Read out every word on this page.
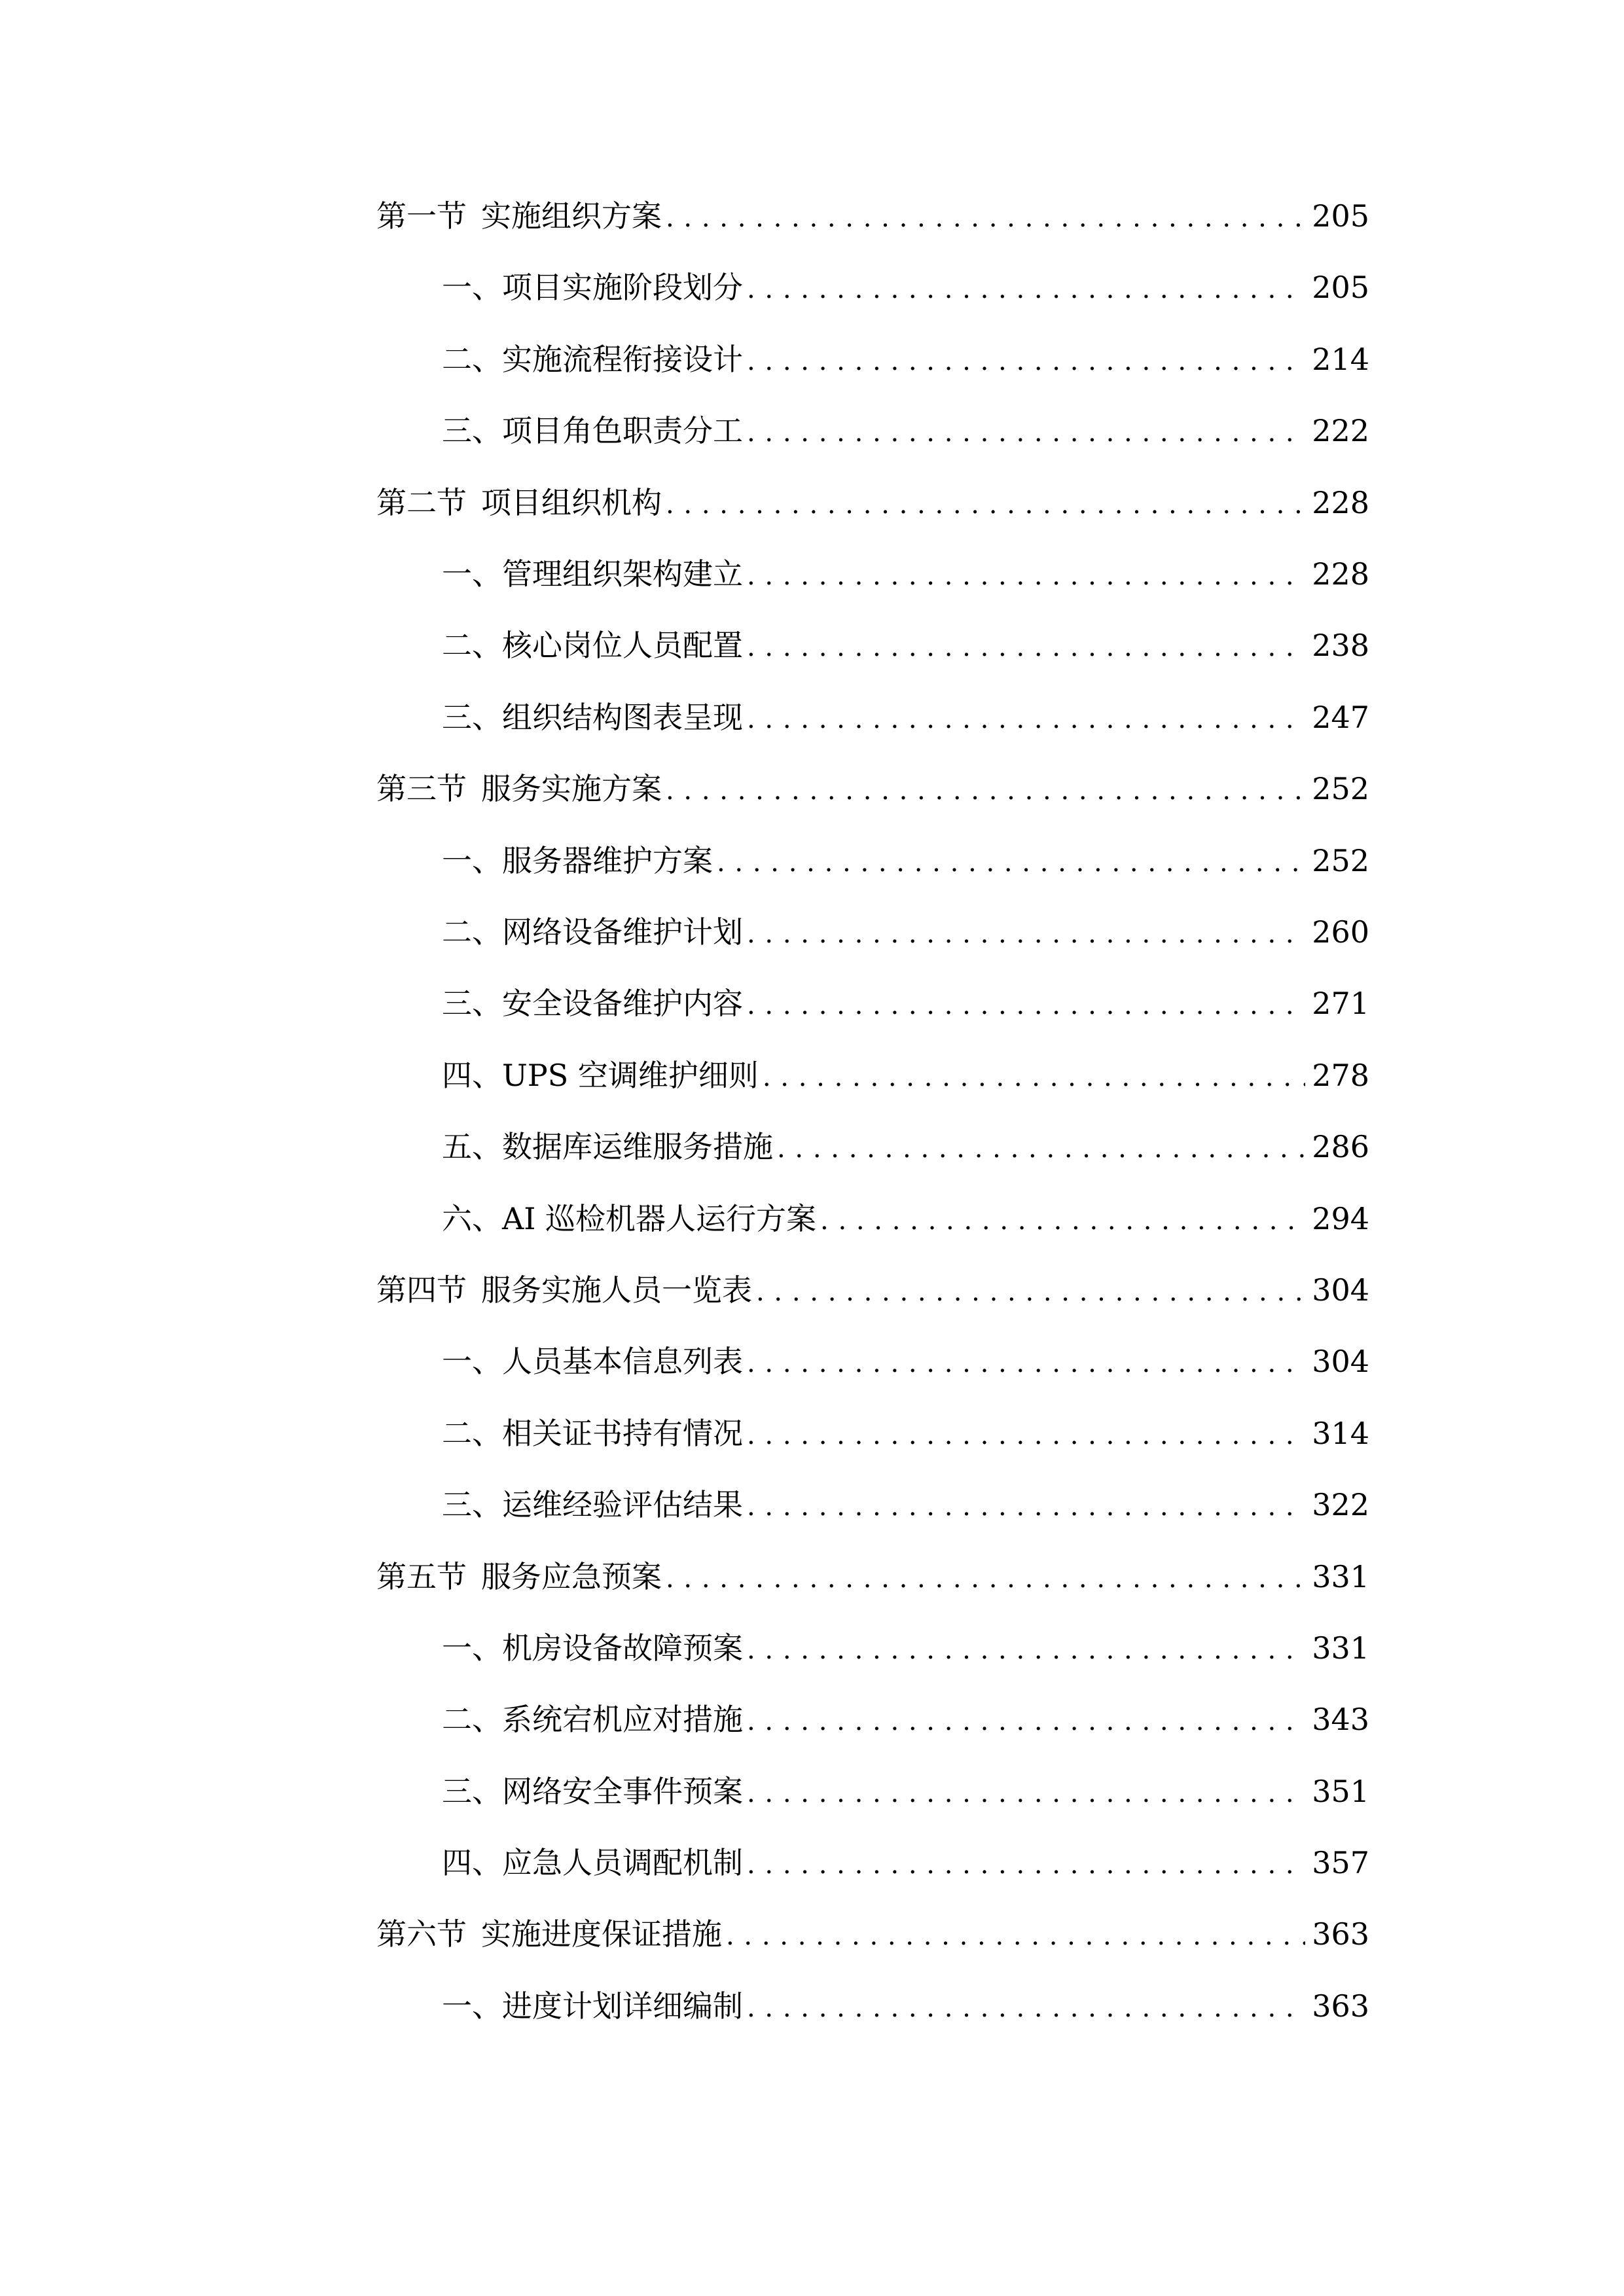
第一节 实施组织方案 . . .	205
一、 项目实施阶段划分 . . .	205
二、 实施流程衔接设计 . . .	214
三、 项目角色职责分工 . . .	222
第二节 项目组织机构 . . .	228
一、 管理组织架构建立 . . .	228
二、 核心岗位人员配置 . . .	238
三、 组织结构图表呈现 . . .	247
第三节 服务实施方案 . . .	252
一、 服务器维护方案 . . .	252
二、 网络设备维护计划 . . .	260
三、 安全设备维护内容 . . .	271
四、 UPS 空调维护细则 . . .	278
五、 数据库运维服务措施 . . .	286
六、 AI 巡检机器人运行方案 . . .	294
第四节 服务实施人员一览表 . . .	304
一、 人员基本信息列表 . . .	304
二、 相关证书持有情况 . . .	314
三、 运维经验评估结果 . . .	322
第五节 服务应急预案 . . .	331
一、 机房设备故障预案 . . .	331
二、 系统宕机应对措施 . . .	343
三、 网络安全事件预案 . . .	351
四、 应急人员调配机制 . . .	357
第六节 实施进度保证措施 . . .	363
一、 进度计划详细编制 . . .	363
